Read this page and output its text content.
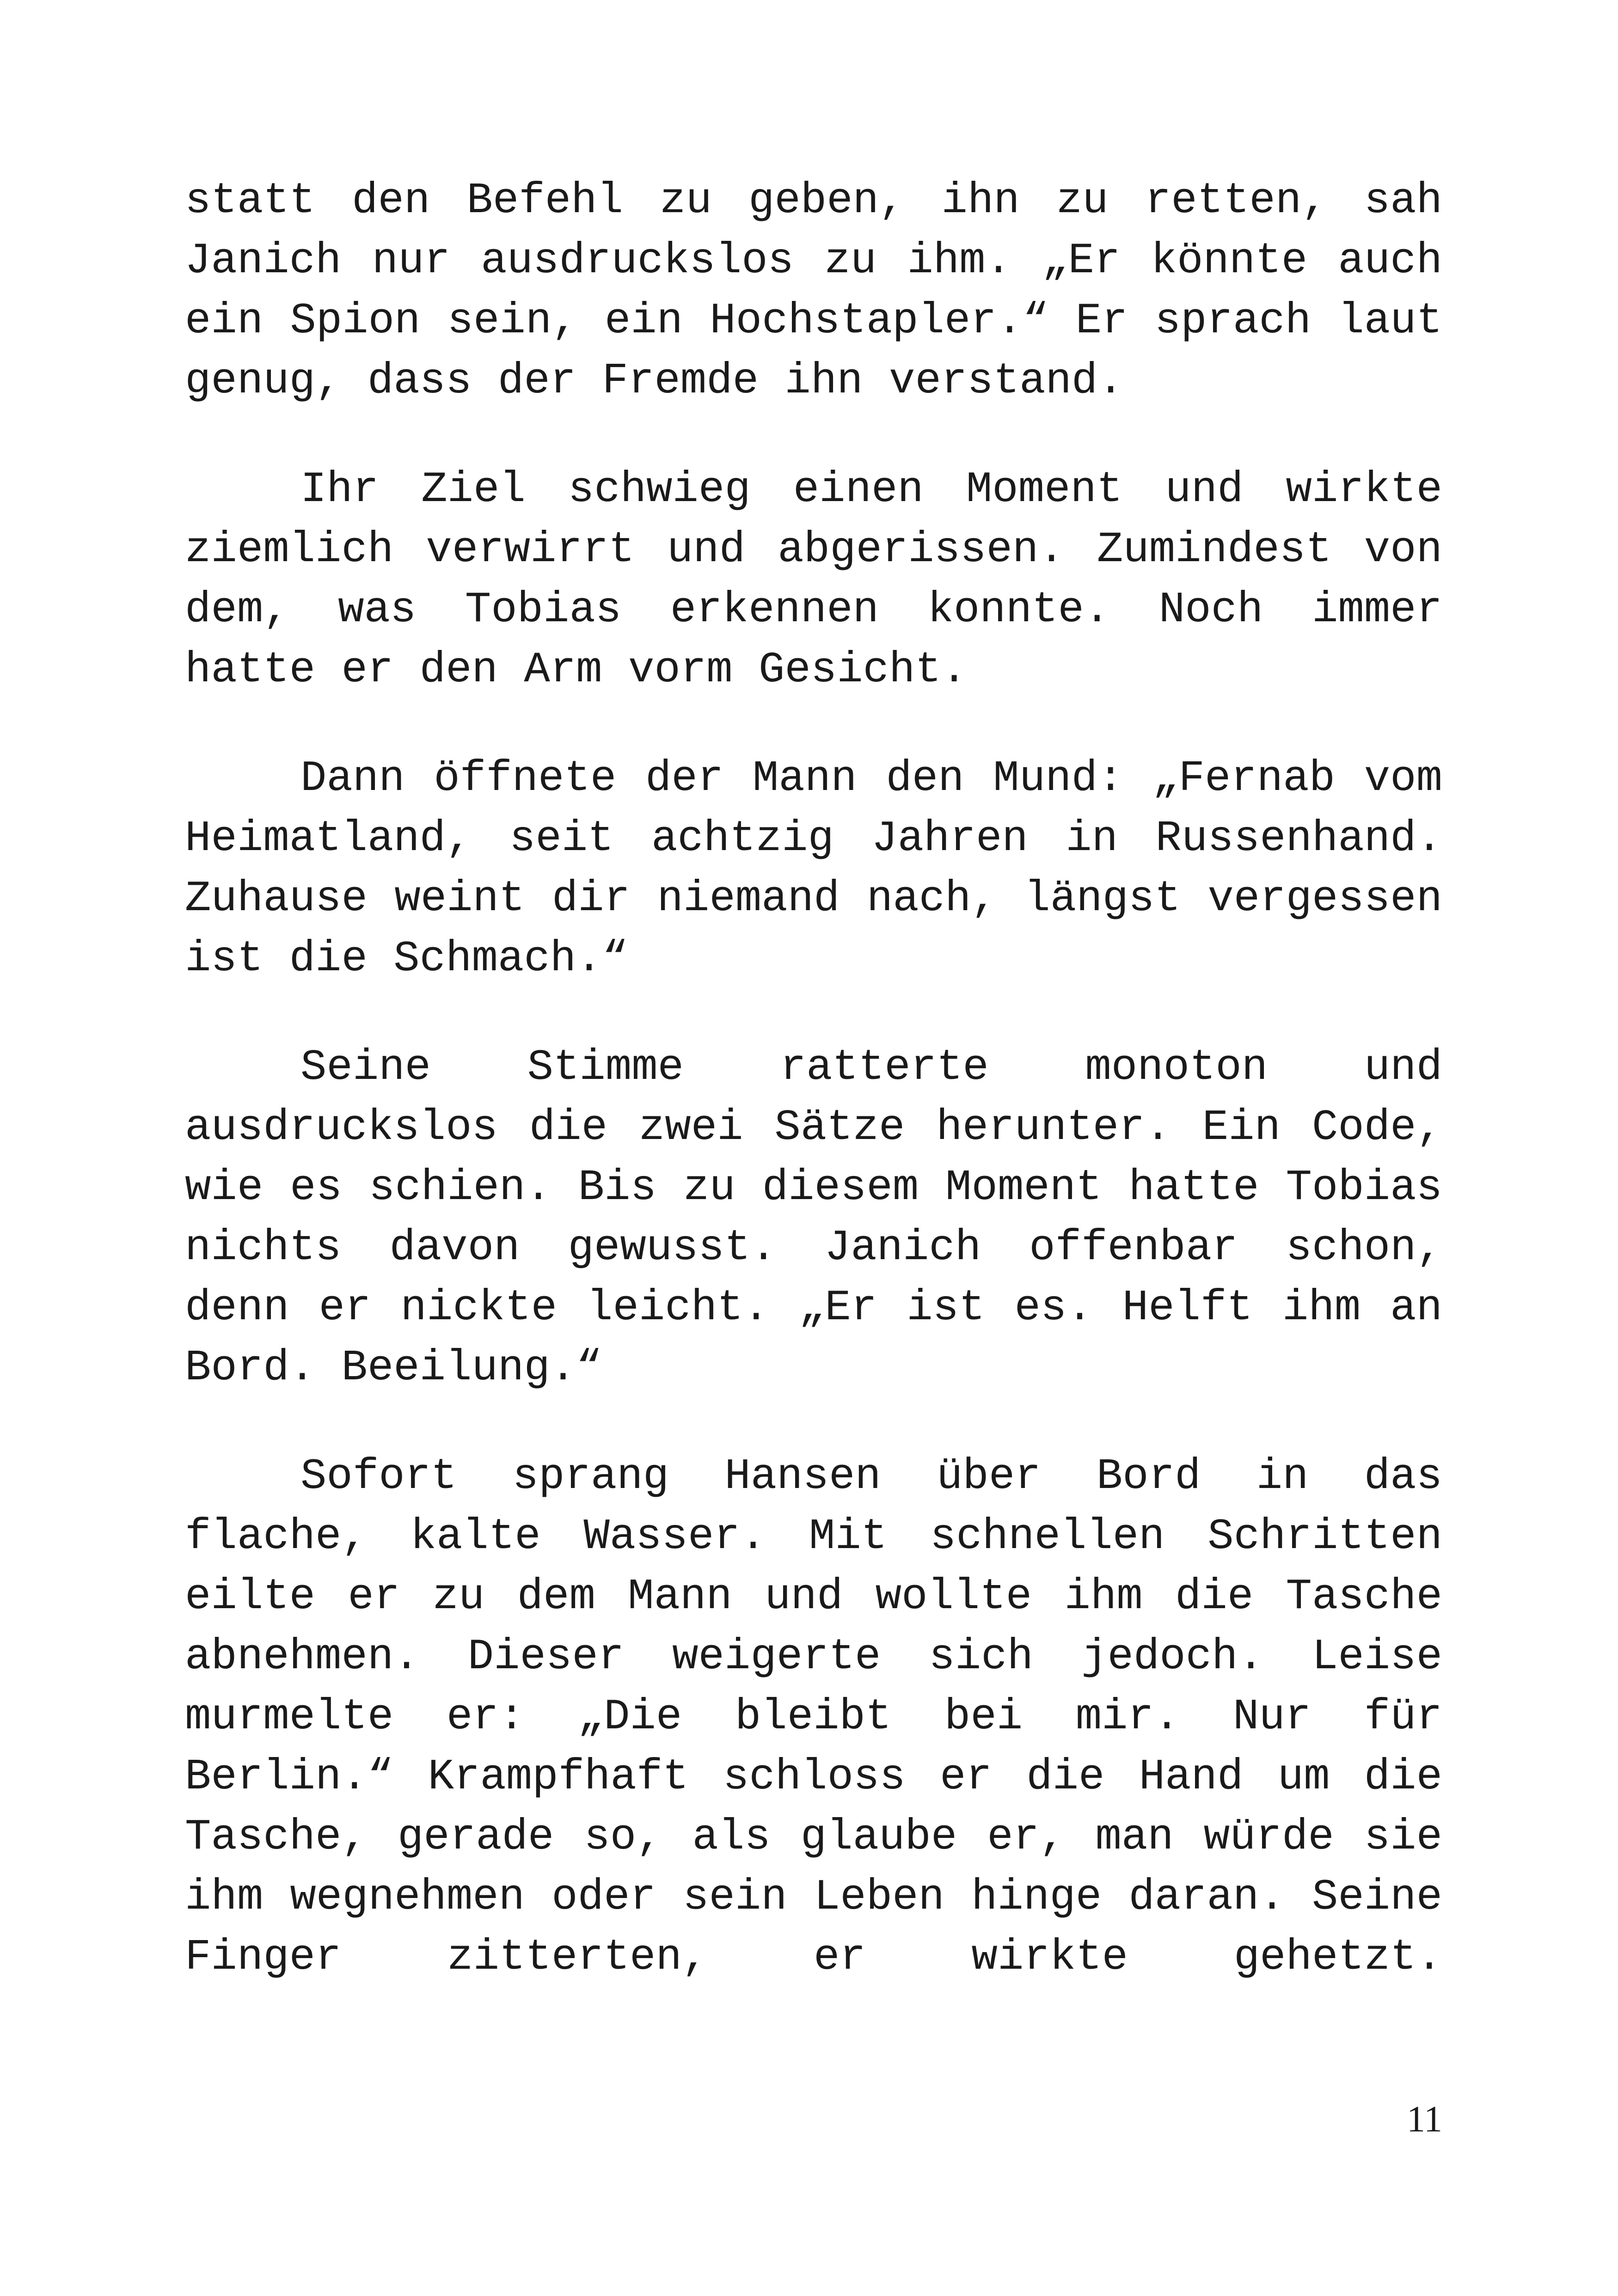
statt den Befehl zu geben, ihn zu retten, sah Janich nur ausdruckslos zu ihm. „Er könnte auch ein Spion sein, ein Hochstapler.“ Er sprach laut genug, dass der Fremde ihn verstand.

Ihr Ziel schwieg einen Moment und wirkte ziemlich verwirrt und abgerissen. Zumindest von dem, was Tobias erkennen konnte. Noch immer hatte er den Arm vorm Gesicht.

Dann öffnete der Mann den Mund: „Fernab vom Heimatland, seit achtzig Jahren in Russenhand. Zuhause weint dir niemand nach, längst vergessen ist die Schmach.“

Seine Stimme ratterte monoton und ausdruckslos die zwei Sätze herunter. Ein Code, wie es schien. Bis zu diesem Moment hatte Tobias nichts davon gewusst. Janich offenbar schon, denn er nickte leicht. „Er ist es. Helft ihm an Bord. Beeilung.“

Sofort sprang Hansen über Bord in das flache, kalte Wasser. Mit schnellen Schritten eilte er zu dem Mann und wollte ihm die Tasche abnehmen. Dieser weigerte sich jedoch. Leise murmelte er: „Die bleibt bei mir. Nur für Berlin.“ Krampfhaft schloss er die Hand um die Tasche, gerade so, als glaube er, man würde sie ihm wegnehmen oder sein Leben hinge daran. Seine Finger zitterten, er wirkte gehetzt.

11
